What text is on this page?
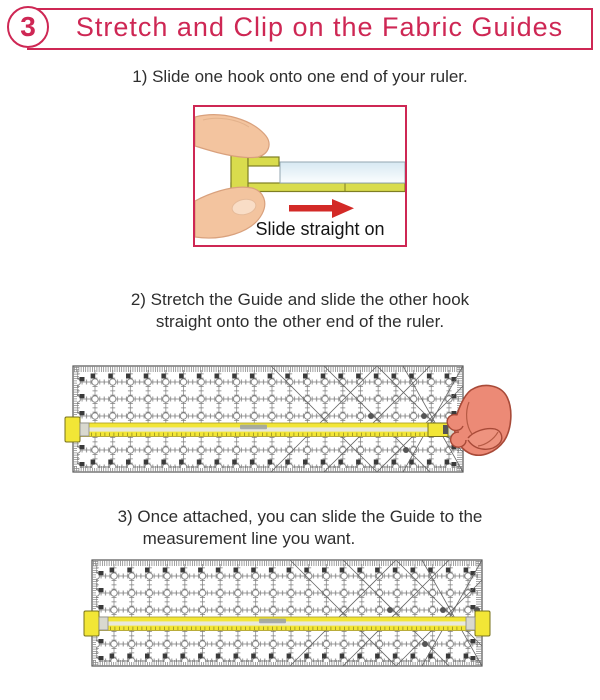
3	Stretch and Clip on the Fabric Guides
1) Slide one hook onto one end of your ruler.
Slide straight on
2) Stretch the Guide and slide the other hook
straight onto the other end of the ruler.
3) Once attached, you can slide the Guide to the
measurement line you want.
